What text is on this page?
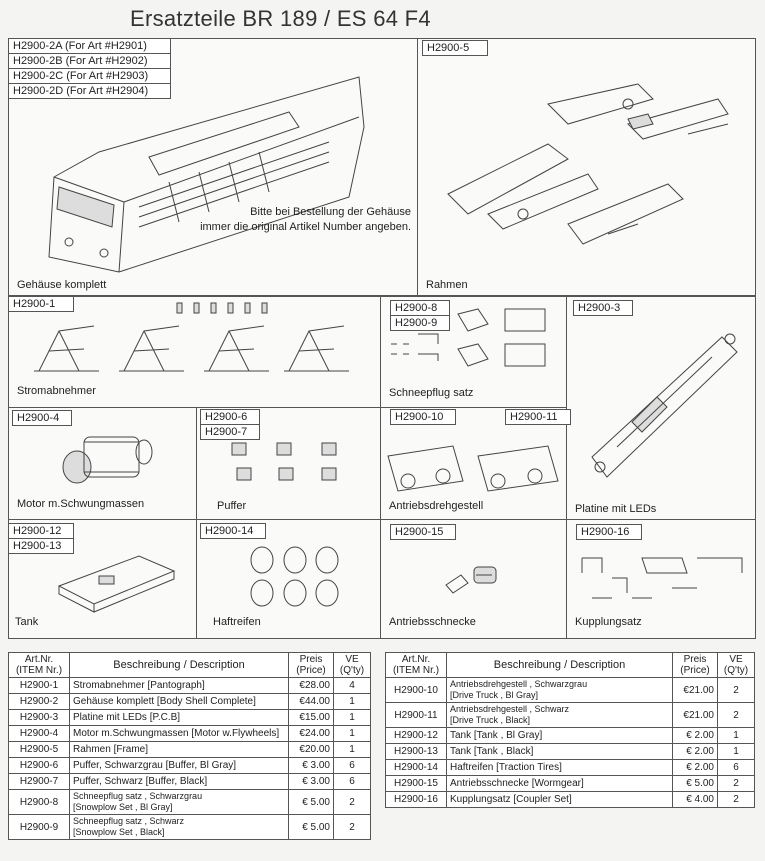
Ersatzteile BR 189 / ES 64 F4
Bitte bei Bestellung der Gehäuse
immer die original Artikel Number angeben.
Gehäuse komplett
H2900-2A (For Art #H2901)
H2900-2B (For Art #H2902)
H2900-2C (For Art #H2903)
H2900-2D (For Art #H2904)
Rahmen
H2900-5
Stromabnehmer
H2900-1
Schneepflug satz
H2900-8
H2900-9
Platine mit LEDs
H2900-3
Motor m.Schwungmassen
H2900-4
Puffer
H2900-6
H2900-7
Antriebsdrehgestell
H2900-10	H2900-11
Tank
H2900-12
H2900-13
Haftreifen
H2900-14
Antriebsschnecke
H2900-15
Kupplungsatz
H2900-16
Art.Nr.
(ITEM Nr.)	Beschreibung / Description	Preis
(Price)	VE
(Q'ty)
H2900-1	Stromabnehmer [Pantograph]	€28.00	4
H2900-2	Gehäuse komplett [Body Shell Complete]	€44.00	1
H2900-3	Platine mit LEDs [P.C.B]	€15.00	1
H2900-4	Motor m.Schwungmassen [Motor w.Flywheels]	€24.00	1
H2900-5	Rahmen [Frame]	€20.00	1
H2900-6	Puffer, Schwarzgrau [Buffer, Bl Gray]	€ 3.00	6
H2900-7	Puffer, Schwarz [Buffer, Black]	€ 3.00	6
H2900-8	Schneepflug satz , Schwarzgrau
[Snowplow Set , Bl Gray]	€ 5.00	2
H2900-9	Schneepflug satz , Schwarz
[Snowplow Set , Black]	€ 5.00	2
Art.Nr.
(ITEM Nr.)	Beschreibung / Description	Preis
(Price)	VE
(Q'ty)
H2900-10	Antriebsdrehgestell , Schwarzgrau
[Drive Truck , Bl Gray]	€21.00	2
H2900-11	Antriebsdrehgestell , Schwarz
[Drive Truck , Black]	€21.00	2
H2900-12	Tank [Tank , Bl Gray]	€ 2.00	1
H2900-13	Tank [Tank , Black]	€ 2.00	1
H2900-14	Haftreifen [Traction Tires]	€ 2.00	6
H2900-15	Antriebsschnecke [Wormgear]	€ 5.00	2
H2900-16	Kupplungsatz [Coupler Set]	€ 4.00	2
